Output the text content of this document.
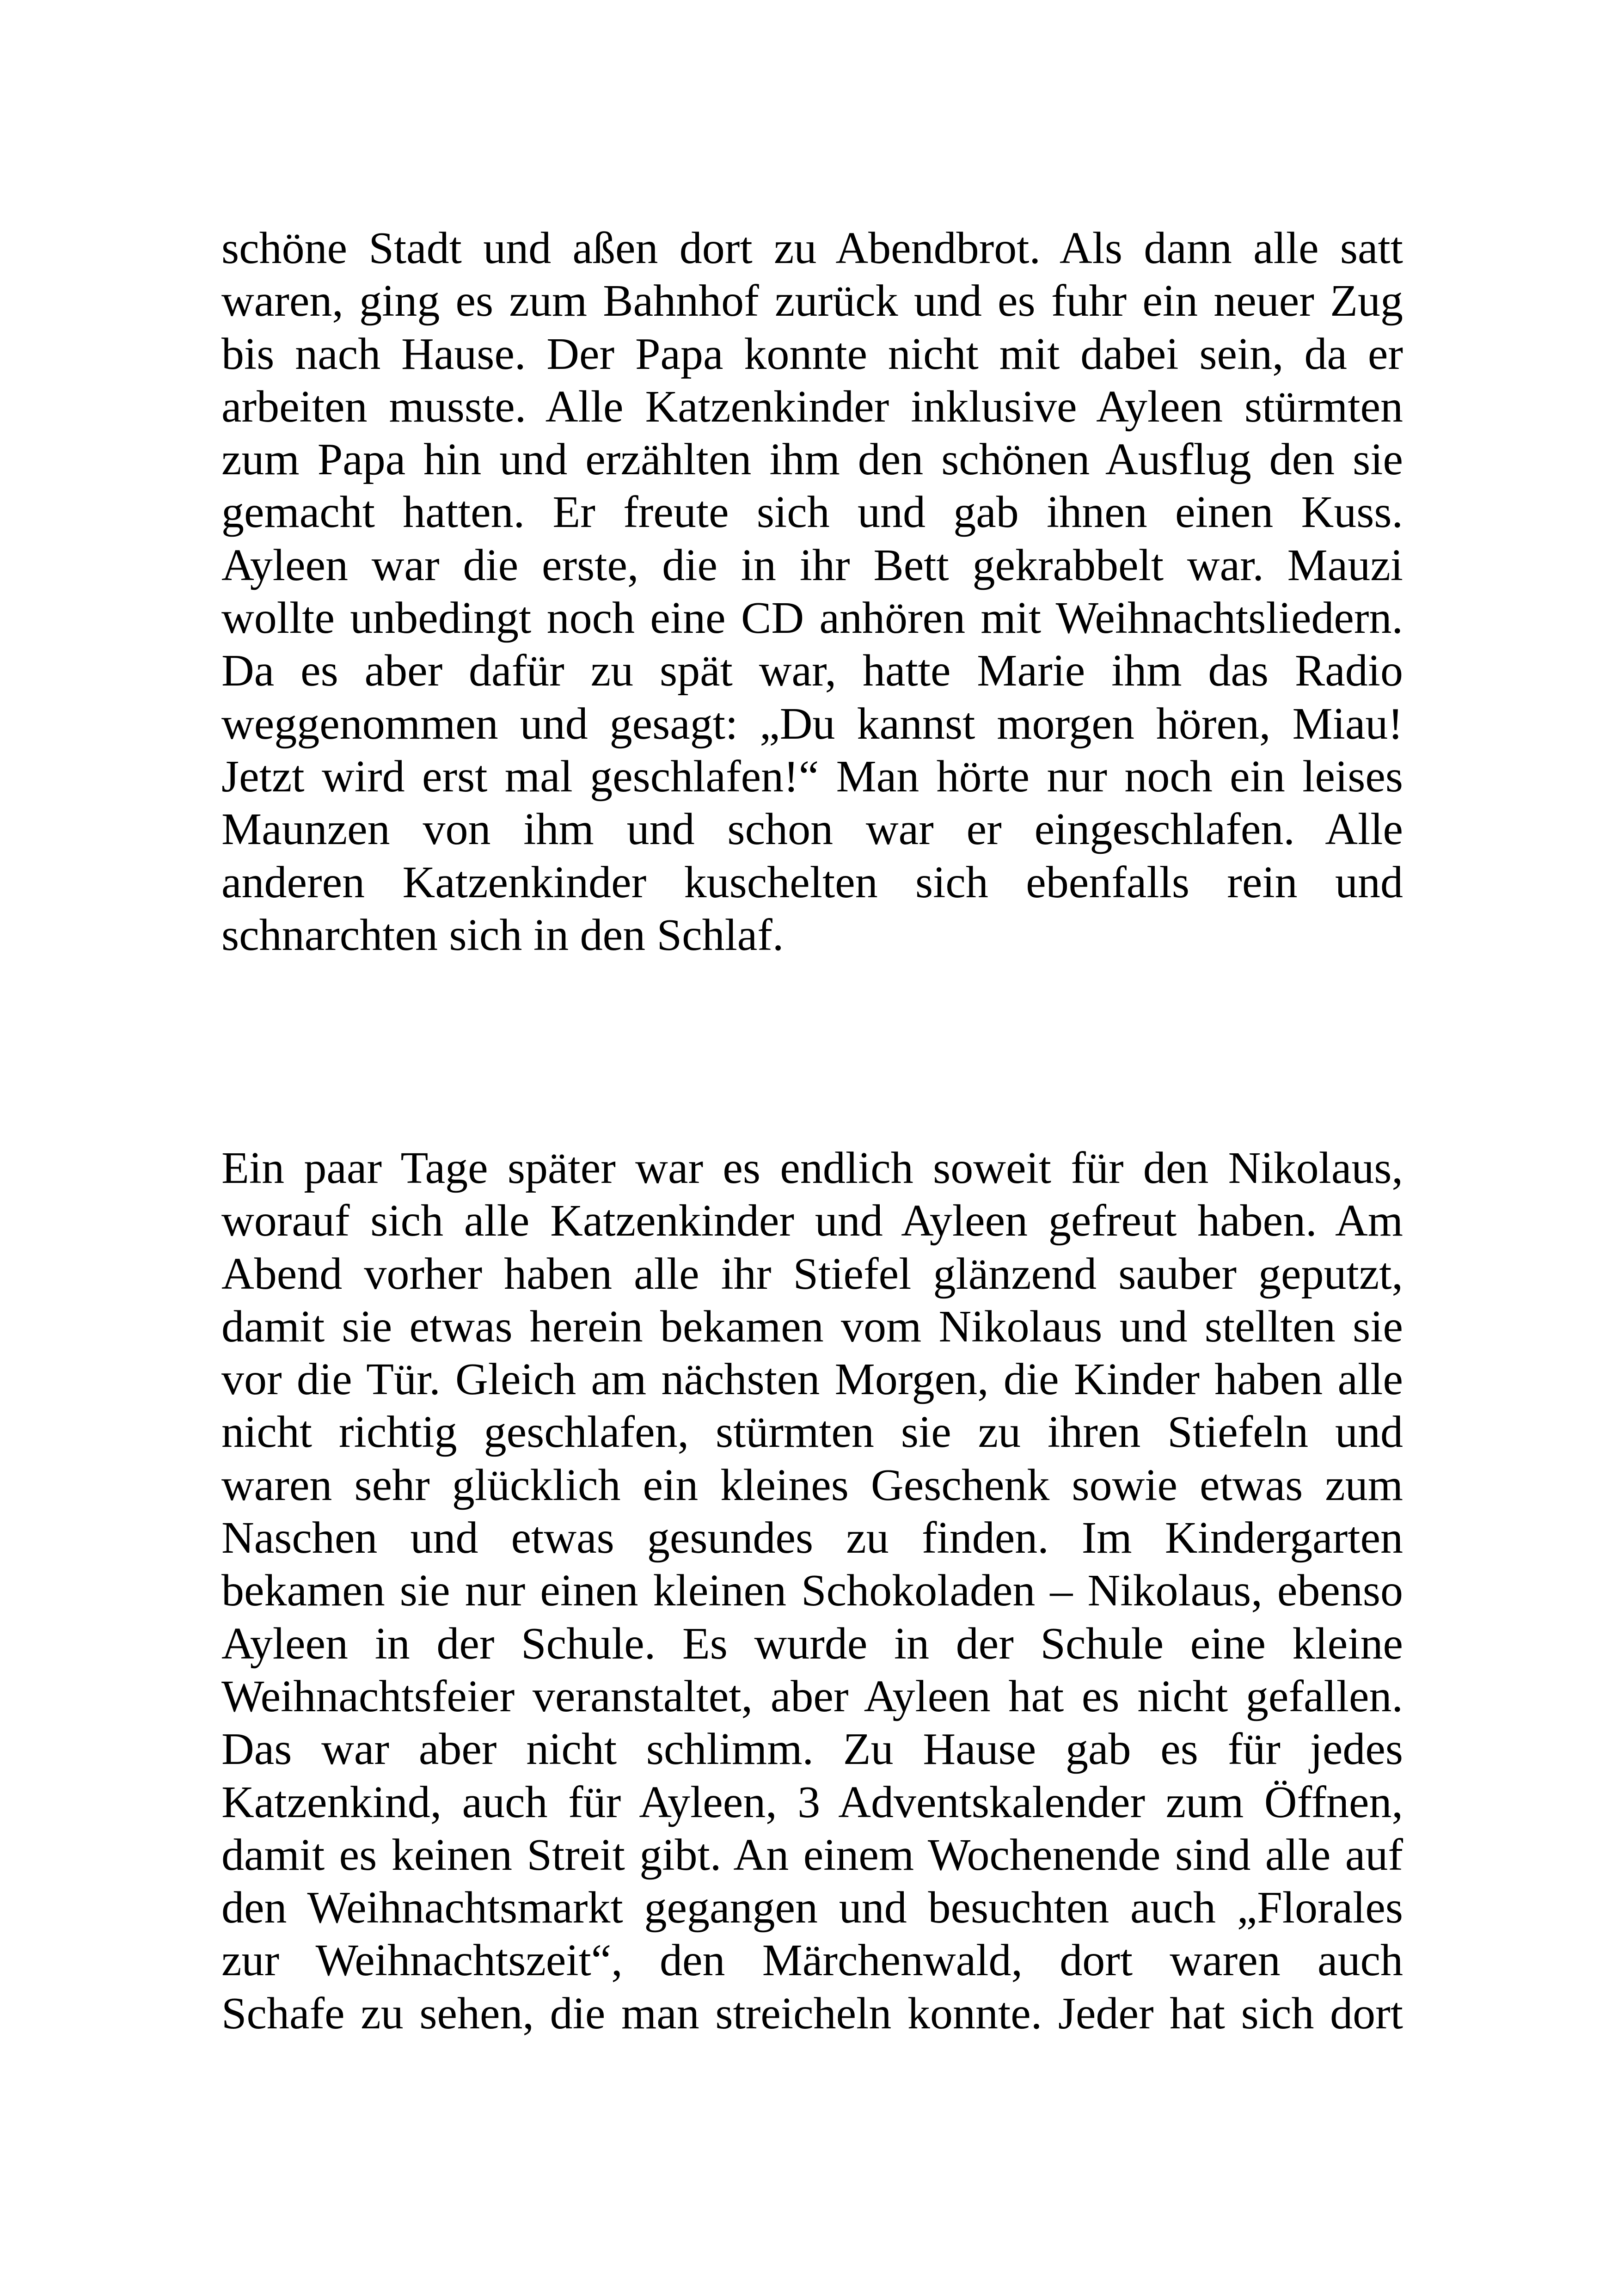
schöne Stadt und aßen dort zu Abendbrot. Als dann alle satt
waren, ging es zum Bahnhof zurück und es fuhr ein neuer Zug
bis nach Hause. Der Papa konnte nicht mit dabei sein, da er
arbeiten musste. Alle Katzenkinder inklusive Ayleen stürmten
zum Papa hin und erzählten ihm den schönen Ausflug den sie
gemacht hatten. Er freute sich und gab ihnen einen Kuss.
Ayleen war die erste, die in ihr Bett gekrabbelt war. Mauzi
wollte unbedingt noch eine CD anhören mit Weihnachtsliedern.
Da es aber dafür zu spät war, hatte Marie ihm das Radio
weggenommen und gesagt: „Du kannst morgen hören, Miau!
Jetzt wird erst mal geschlafen!“ Man hörte nur noch ein leises
Maunzen von ihm und schon war er eingeschlafen. Alle
anderen Katzenkinder kuschelten sich ebenfalls rein und
schnarchten sich in den Schlaf.

Ein paar Tage später war es endlich soweit für den Nikolaus,
worauf sich alle Katzenkinder und Ayleen gefreut haben. Am
Abend vorher haben alle ihr Stiefel glänzend sauber geputzt,
damit sie etwas herein bekamen vom Nikolaus und stellten sie
vor die Tür. Gleich am nächsten Morgen, die Kinder haben alle
nicht richtig geschlafen, stürmten sie zu ihren Stiefeln und
waren sehr glücklich ein kleines Geschenk sowie etwas zum
Naschen und etwas gesundes zu finden. Im Kindergarten
bekamen sie nur einen kleinen Schokoladen – Nikolaus, ebenso
Ayleen in der Schule. Es wurde in der Schule eine kleine
Weihnachtsfeier veranstaltet, aber Ayleen hat es nicht gefallen.
Das war aber nicht schlimm. Zu Hause gab es für jedes
Katzenkind, auch für Ayleen, 3 Adventskalender zum Öffnen,
damit es keinen Streit gibt. An einem Wochenende sind alle auf
den Weihnachtsmarkt gegangen und besuchten auch „Florales
zur Weihnachtszeit“, den Märchenwald, dort waren auch
Schafe zu sehen, die man streicheln konnte. Jeder hat sich dort
